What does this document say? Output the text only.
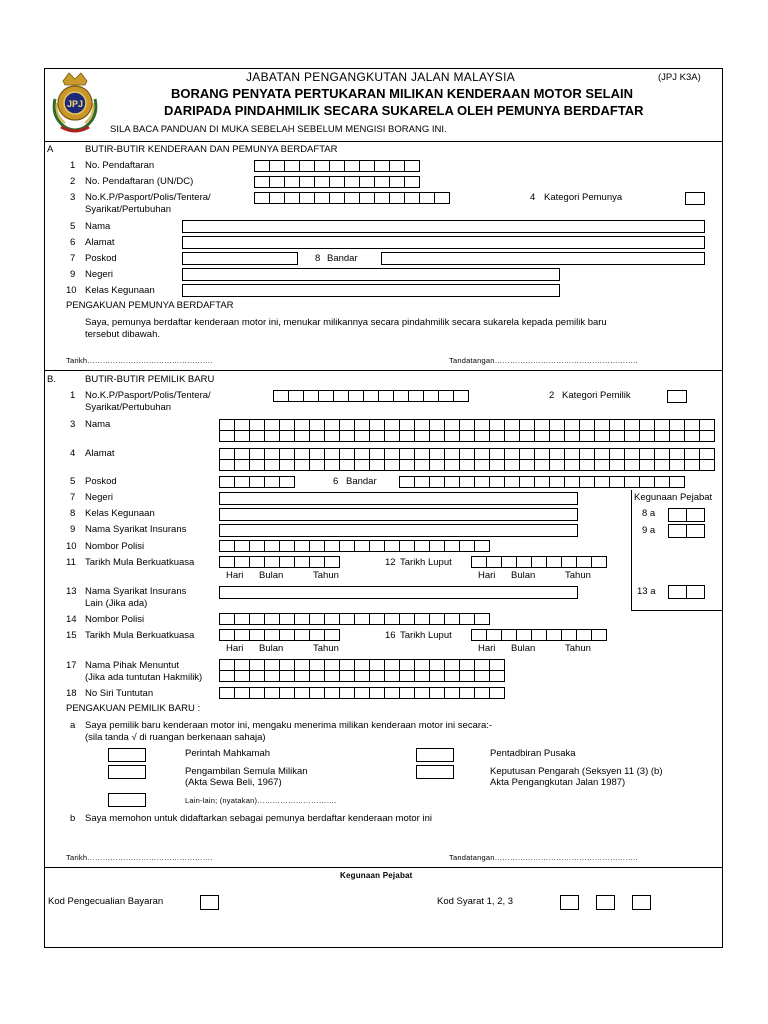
JPJ
JABATAN PENGANGKUTAN JALAN MALAYSIA	(JPJ K3A)
BORANG PENYATA PERTUKARAN MILIKAN KENDERAAN MOTOR SELAIN
DARIPADA PINDAHMILIK SECARA SUKARELA OLEH PEMUNYA BERDAFTAR
SILA BACA PANDUAN DI MUKA SEBELAH SEBELUM MENGISI BORANG INI.
A	BUTIR-BUTIR KENDERAAN DAN PEMUNYA BERDAFTAR
1 No. Pendaftaran
2 No. Pendaftaran (UN/DC)
3 No.K.P/Pasport/Polis/Tentera/
Syarikat/Pertubuhan
4 Kategori Pemunya
5 Nama
6 Alamat
7 Poskod	8 Bandar
9 Negeri
10 Kelas Kegunaan
PENGAKUAN PEMUNYA BERDAFTAR
Saya, pemunya berdaftar kenderaan motor ini, menukar milikannya secara pindahmilik secara sukarela kepada pemilik baru
tersebut dibawah.
Tarikh………………………………………….	Tandatangan………………………………………………..
B.	BUTIR-BUTIR PEMILIK BARU
1 No.K.P/Pasport/Polis/Tentera/
Syarikat/Pertubuhan
2 Kategori Pemilik
3 Nama
4 Alamat
5 Poskod	6 Bandar
Kegunaan Pejabat
8 a
9 a
13 a
7 Negeri
8 Kelas Kegunaan
9 Nama Syarikat Insurans
10 Nombor Polisi
11 Tarikh Mula Berkuatkuasa
Hari Bulan	Tahun
12 Tarikh Luput
Hari Bulan	Tahun
13 Nama Syarikat Insurans
Lain (Jika ada)
14 Nombor Polisi
15 Tarikh Mula Berkuatkuasa
Hari Bulan	Tahun
16 Tarikh Luput
Hari Bulan	Tahun
17 Nama Pihak Menuntut
(Jika ada tuntutan Hakmilik)
18 No Siri Tuntutan
PENGAKUAN PEMILIK BARU :
a Saya pemilik baru kenderaan motor ini, mengaku menerima milikan kenderaan motor ini secara:-
(sila tanda √ di ruangan berkenaan sahaja)
Perintah Mahkamah	Pentadbiran Pusaka
Pengambilan Semula Milikan
(Akta Sewa Beli, 1967)
Keputusan Pengarah (Seksyen 11 (3) (b)
Akta Pengangkutan Jalan 1987)
Lain-lain; (nyatakan)………………………….
b Saya memohon untuk didaftarkan sebagai pemunya berdaftar kenderaan motor ini
Tarikh………………………………………….	Tandatangan………………………………………………..
Kegunaan Pejabat
Kod Pengecualian Bayaran	Kod Syarat 1, 2, 3
